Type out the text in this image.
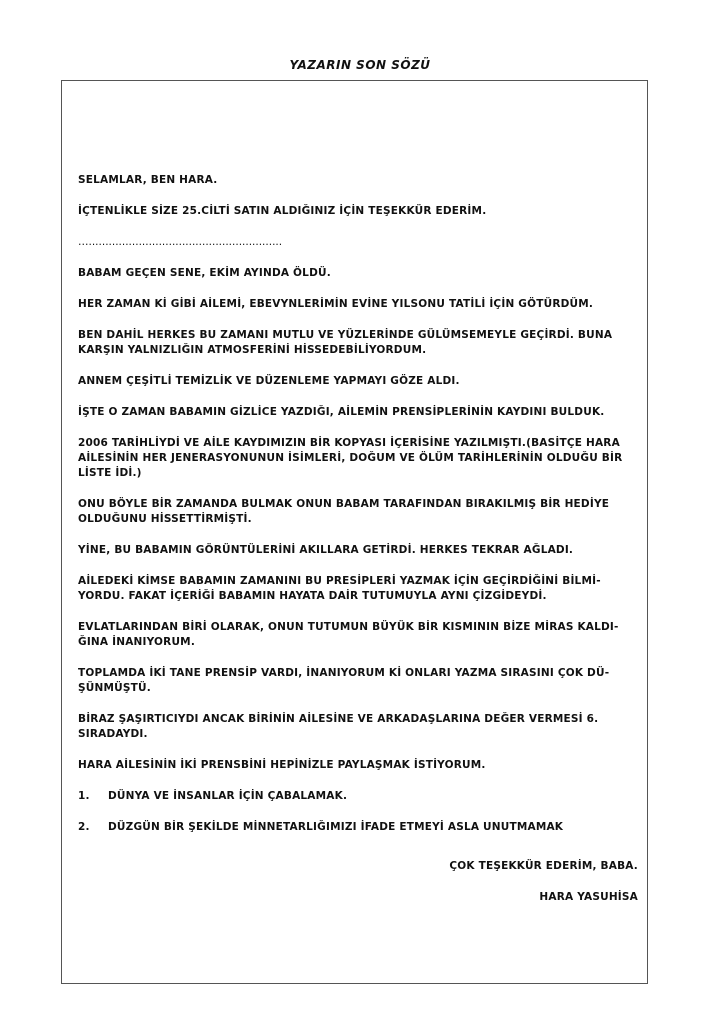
YAZARIN SON SÖZÜ
SELAMLAR, BEN HARA.
İÇTENLİKLE SİZE 25.CİLTİ SATIN ALDIĞINIZ İÇİN TEŞEKKÜR EDERİM.
…..........................................................
BABAM GEÇEN SENE, EKİM AYINDA ÖLDÜ.
HER ZAMAN Kİ GİBİ AİLEMİ, EBEVYNLERİMİN EVİNE YILSONU TATİLİ İÇİN GÖTÜRDÜM.
BEN DAHİL HERKES BU ZAMANI MUTLU VE YÜZLERİNDE GÜLÜMSEMEYLE GEÇİRDİ. BUNA KARŞIN YALNIZLIĞIN ATMOSFERİNİ HİSSEDEBİLİYORDUM.
ANNEM ÇEŞİTLİ TEMİZLİK VE DÜZENLEME YAPMAYI GÖZE ALDI.
İŞTE O ZAMAN BABAMIN GİZLİCE YAZDIĞI, AİLEMİN PRENSİPLERİNİN KAYDINI BULDUK.
2006 TARİHLİYDİ VE AİLE KAYDIMIZIN BİR KOPYASI İÇERİSİNE YAZILMIŞTI.(BASİTÇE HARA AİLESİNİN HER JENERASYONUNUN İSİMLERİ, DOĞUM VE ÖLÜM TARİHLERİNİN OLDUĞU BİR LİSTE İDİ.)
ONU BÖYLE BİR ZAMANDA BULMAK ONUN BABAM TARAFINDAN BIRAKILMIŞ BİR HEDİYE OLDUĞUNU HİSSETTİRMİŞTİ.
YİNE, BU BABAMIN GÖRÜNTÜLERİNİ AKILLARA GETİRDİ. HERKES TEKRAR AĞLADI.
AİLEDEKİ KİMSE BABAMIN ZAMANINI BU PRESİPLERİ YAZMAK İÇİN GEÇİRDİĞİNİ BİLMİ-YORDU. FAKAT İÇERİĞİ BABAMIN HAYATA DAİR TUTUMUYLA AYNI ÇİZGİDEYDİ.
EVLATLARINDAN BİRİ OLARAK, ONUN TUTUMUN BÜYÜK BİR KISMININ BİZE MİRAS KALDI-ĞINA İNANIYORUM.
TOPLAMDA İKİ TANE PRENSİP VARDI, İNANIYORUM Kİ ONLARI YAZMA SIRASINI ÇOK DÜ-ŞÜNMÜŞTÜ.
BİRAZ ŞAŞIRTICIYDI ANCAK BİRİNİN AİLESİNE VE ARKADAŞLARINA DEĞER VERMESİ 6. SIRADAYDI.
HARA AİLESİNİN İKİ PRENSBİNİ HEPİNİZLE PAYLAŞMAK İSTİYORUM.
1.	DÜNYA VE İNSANLAR İÇİN ÇABALAMAK.
2.	DÜZGÜN BİR ŞEKİLDE MİNNETARLIĞIMIZI İFADE ETMEYİ ASLA UNUTMAMAK
ÇOK TEŞEKKÜR EDERİM, BABA.
HARA YASUHİSA
